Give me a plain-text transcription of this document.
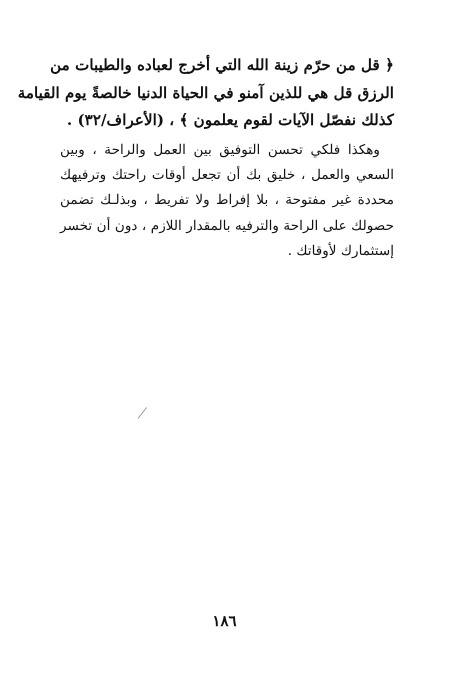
﴿ قل من حرّم زينة الله التي أخرج لعباده والطيبات من
الرزق قل هي للذين آمنو في الحياة الدنيا خالصةً يوم القيامة
كذلك نفصّل الآيات لقوم يعلمون ﴾ ، (الأعراف/٣٢) .
وهكذا فلكي تحسن التوفيق بين العمل والراحة ، وبين
السعي والعمل ، خليق بك أن تجعل أوقات راحتك وترفيهك
محددة غير مفتوحة ، بلا إفراط ولا تفريط ، وبذلـك تضمن
حصولك على الراحة والترفيه بالمقدار اللازم ، دون أن تخسر
إستثمارك لأوقاتك .
١٨٦
